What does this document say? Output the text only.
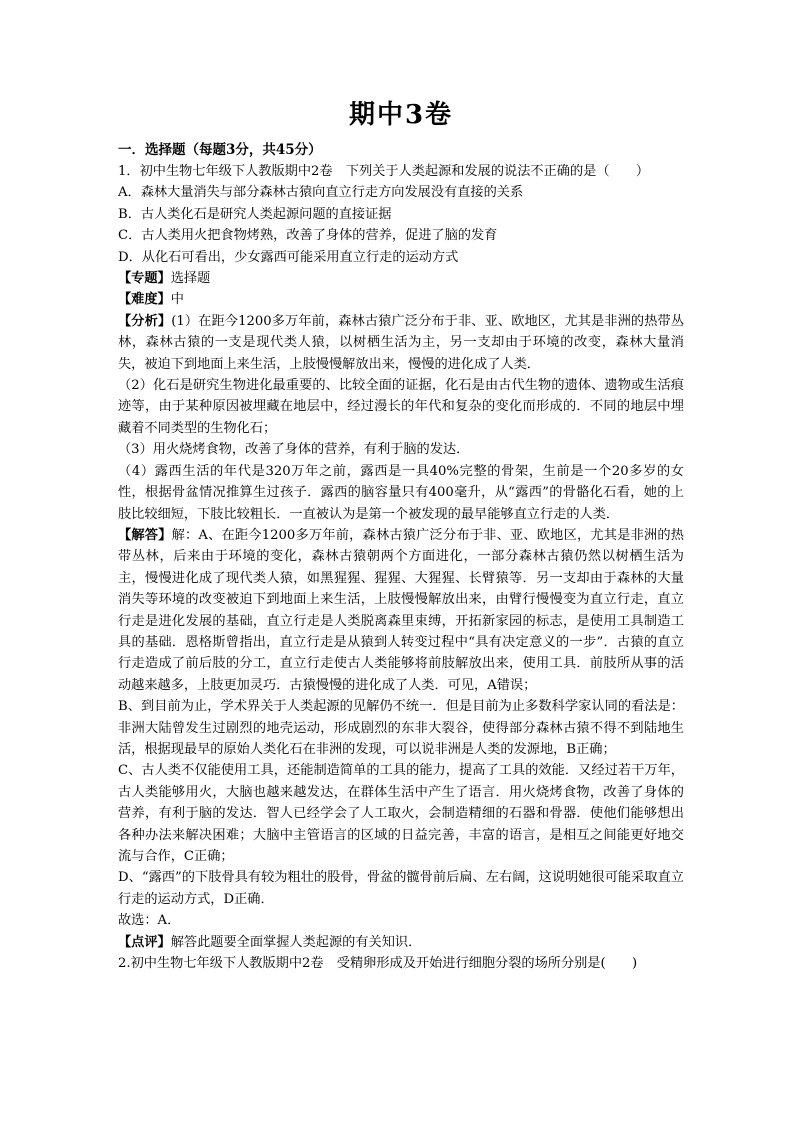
期中3卷

一．选择题（每题3分，共45分）

1．初中生物七年级下人教版期中2卷　下列关于人类起源和发展的说法不正确的是（　　）

A．森林大量消失与部分森林古猿向直立行走方向发展没有直接的关系

B．古人类化石是研究人类起源问题的直接证据

C．古人类用火把食物烤熟，改善了身体的营养，促进了脑的发育

D．从化石可看出，少女露西可能采用直立行走的运动方式

【专题】选择题

【难度】中

【分析】(1）在距今1200多万年前，森林古猿广泛分布于非、亚、欧地区，尤其是非洲的热带丛林，森林古猿的一支是现代类人猿，以树栖生活为主，另一支却由于环境的改变，森林大量消失，被迫下到地面上来生活，上肢慢慢解放出来，慢慢的进化成了人类．

（2）化石是研究生物进化最重要的、比较全面的证据，化石是由古代生物的遗体、遗物或生活痕迹等，由于某种原因被埋藏在地层中，经过漫长的年代和复杂的变化而形成的．不同的地层中埋藏着不同类型的生物化石；

（3）用火烧烤食物，改善了身体的营养，有利于脑的发达．

（4）露西生活的年代是320万年之前，露西是一具40%完整的骨架，生前是一个20多岁的女性，根据骨盆情况推算生过孩子．露西的脑容量只有400毫升，从“露西”的骨骼化石看，她的上肢比较细短，下肢比较粗长．一直被认为是第一个被发现的最早能够直立行走的人类．

【解答】解：A、在距今1200多万年前，森林古猿广泛分布于非、亚、欧地区，尤其是非洲的热带丛林，后来由于环境的变化，森林古猿朝两个方面进化，一部分森林古猿仍然以树栖生活为主，慢慢进化成了现代类人猿，如黑猩猩、猩猩、大猩猩、长臂猿等．另一支却由于森林的大量消失等环境的改变被迫下到地面上来生活，上肢慢慢解放出来，由臂行慢慢变为直立行走，直立行走是进化发展的基础，直立行走是人类脱离森里束缚，开拓新家园的标志，是使用工具制造工具的基础．恩格斯曾指出，直立行走是从猿到人转变过程中“具有决定意义的一步”．古猿的直立行走造成了前后肢的分工，直立行走使古人类能够将前肢解放出来，使用工具．前肢所从事的活动越来越多，上肢更加灵巧．古猿慢慢的进化成了人类．可见，A错误；

B、到目前为止，学术界关于人类起源的见解仍不统一．但是目前为止多数科学家认同的看法是：非洲大陆曾发生过剧烈的地壳运动，形成剧烈的东非大裂谷，使得部分森林古猿不得不到陆地生活，根据现最早的原始人类化石在非洲的发现，可以说非洲是人类的发源地，B正确；

C、古人类不仅能使用工具，还能制造简单的工具的能力，提高了工具的效能．又经过若干万年，古人类能够用火，大脑也越来越发达，在群体生活中产生了语言．用火烧烤食物，改善了身体的营养，有利于脑的发达．智人已经学会了人工取火，会制造精细的石器和骨器．使他们能够想出各种办法来解决困难；大脑中主管语言的区域的日益完善，丰富的语言，是相互之间能更好地交流与合作，C正确；

D、“露西”的下肢骨具有较为粗壮的股骨，骨盆的髋骨前后扁、左右阔，这说明她很可能采取直立行走的运动方式，D正确．

故选：A．

【点评】解答此题要全面掌握人类起源的有关知识．

2.初中生物七年级下人教版期中2卷　受精卵形成及开始进行细胞分裂的场所分别是(　　)
